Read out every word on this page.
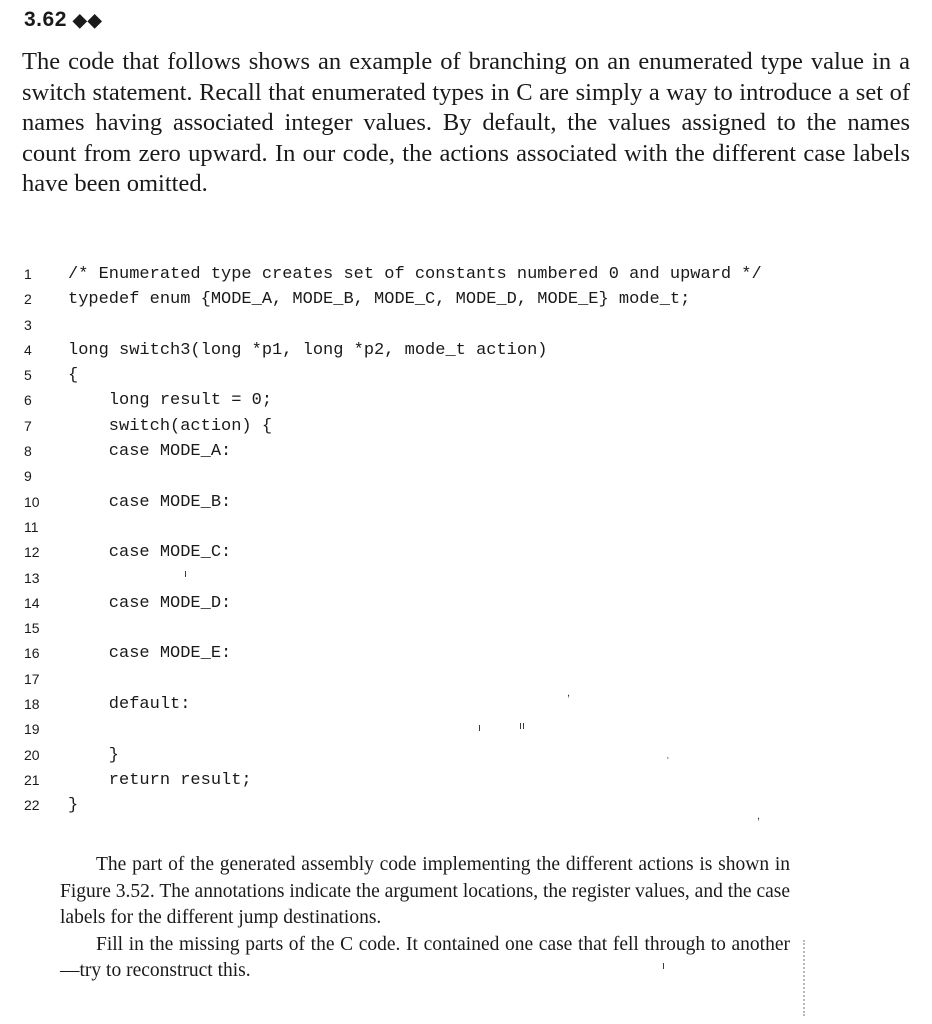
3.62 ◆◆

The code that follows shows an example of branching on an enumerated type value in a switch statement. Recall that enumerated types in C are simply a way to introduce a set of names having associated integer values. By default, the values assigned to the names count from zero upward. In our code, the actions associated with the different case labels have been omitted.

1	/* Enumerated type creates set of constants numbered 0 and upward */
2	typedef enum {MODE_A, MODE_B, MODE_C, MODE_D, MODE_E} mode_t;
3
4	long switch3(long *p1, long *p2, mode_t action)
5	{
6	long result = 0;
7	switch(action) {
8	case MODE_A:
9
10	case MODE_B:
11
12	case MODE_C:
13
14	case MODE_D:
15
16	case MODE_E:
17
18	default:
19
20	}
21	return result;
22	}

The part of the generated assembly code implementing the different actions is shown in Figure 3.52. The annotations indicate the argument locations, the register values, and the case labels for the different jump destinations.

Fill in the missing parts of the C code. It contained one case that fell through to another—try to reconstruct this.

ı
,
ı	ıı
·
,
ı
